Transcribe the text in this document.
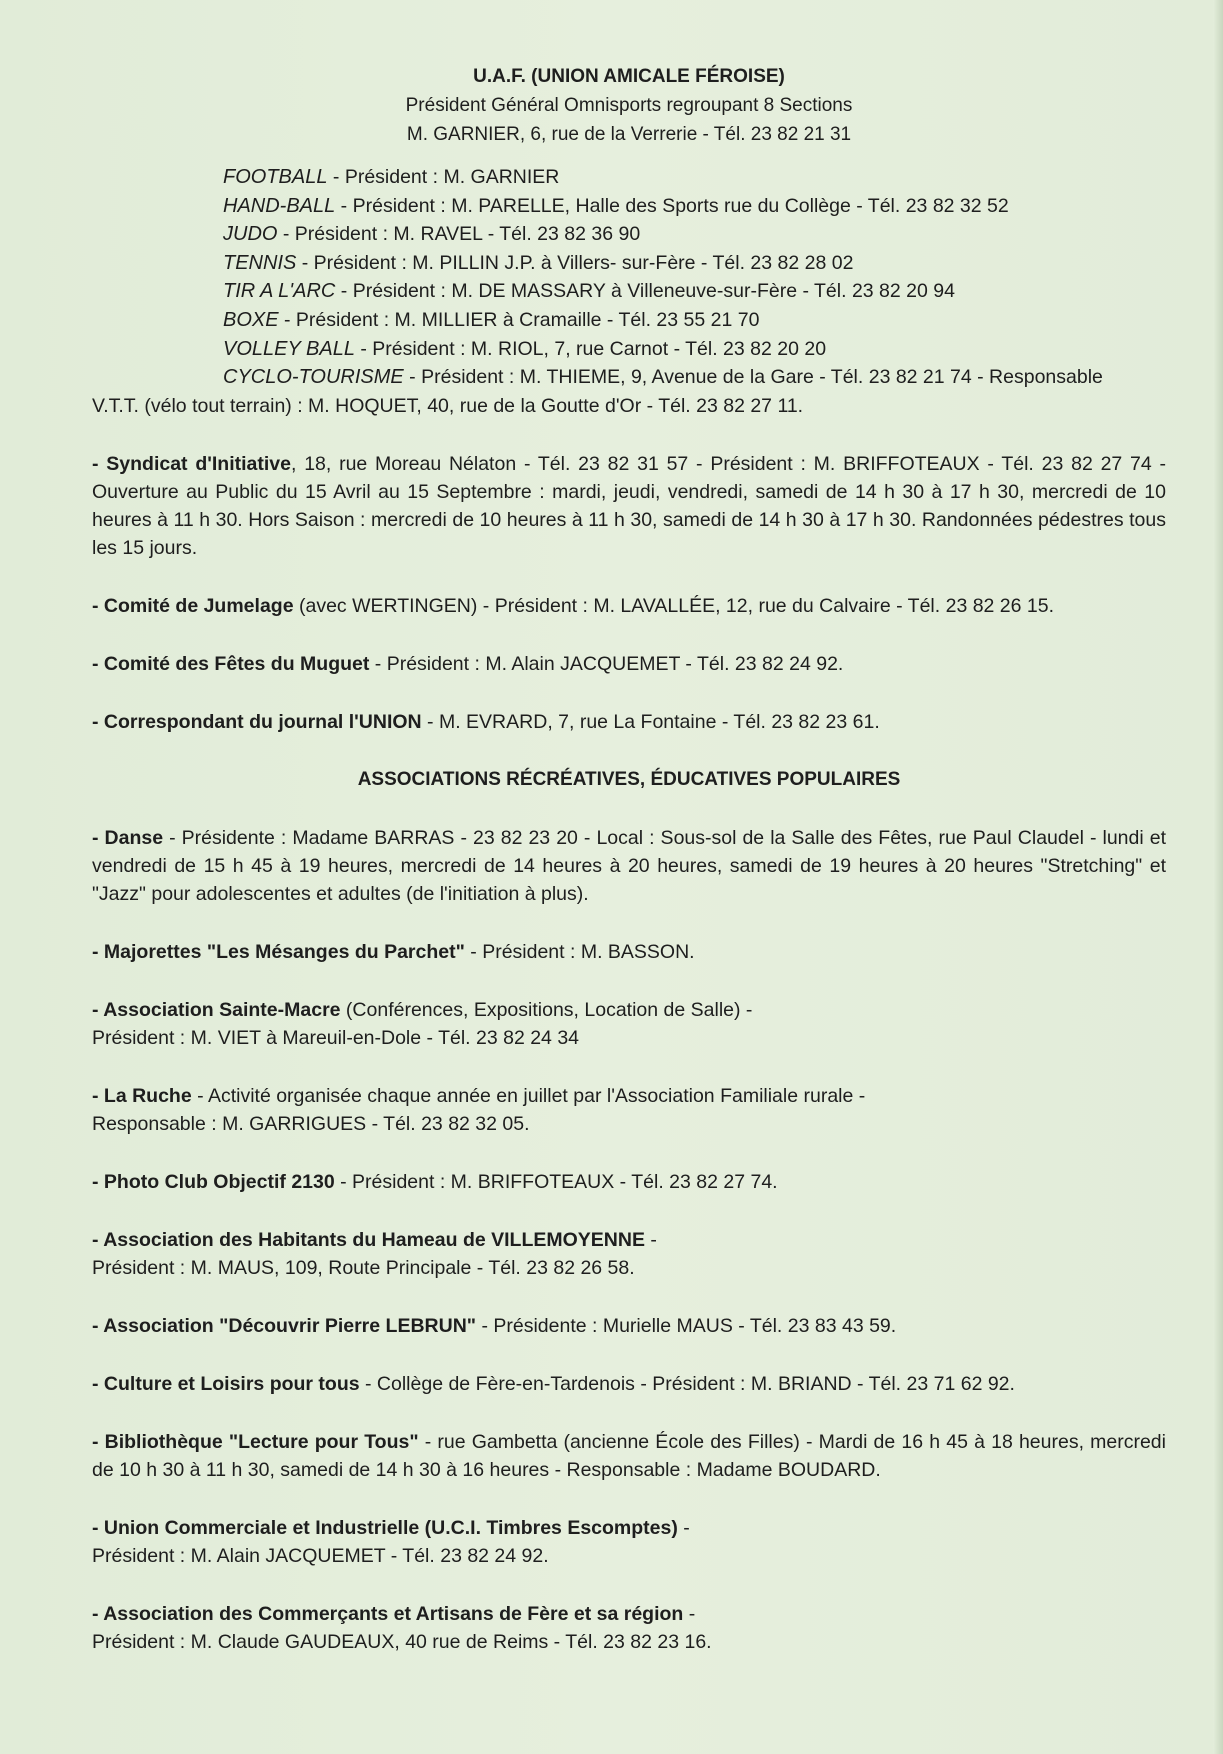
U.A.F. (UNION AMICALE FÉROISE)
Président Général Omnisports regroupant 8 Sections
M. GARNIER, 6, rue de la Verrerie - Tél. 23 82 21 31
FOOTBALL - Président : M. GARNIER
HAND-BALL - Président : M. PARELLE, Halle des Sports rue du Collège - Tél. 23 82 32 52
JUDO - Président : M. RAVEL - Tél. 23 82 36 90
TENNIS - Président : M. PILLIN J.P. à Villers- sur-Fère - Tél. 23 82 28 02
TIR A L'ARC - Président : M. DE MASSARY à Villeneuve-sur-Fère - Tél. 23 82 20 94
BOXE - Président : M. MILLIER à Cramaille - Tél. 23 55 21 70
VOLLEY BALL - Président : M. RIOL, 7, rue Carnot - Tél. 23 82 20 20
CYCLO-TOURISME - Président : M. THIEME, 9, Avenue de la Gare - Tél. 23 82 21 74 - Responsable
V.T.T. (vélo tout terrain) : M. HOQUET, 40, rue de la Goutte d'Or - Tél. 23 82 27 11.

- Syndicat d'Initiative, 18, rue Moreau Nélaton - Tél. 23 82 31 57 - Président : M. BRIFFOTEAUX - Tél. 23 82 27 74 - Ouverture au Public du 15 Avril au 15 Septembre : mardi, jeudi, vendredi, samedi de 14 h 30 à 17 h 30, mercredi de 10 heures à 11 h 30. Hors Saison : mercredi de 10 heures à 11 h 30, samedi de 14 h 30 à 17 h 30. Randonnées pédestres tous les 15 jours.

- Comité de Jumelage (avec WERTINGEN) - Président : M. LAVALLÉE, 12, rue du Calvaire - Tél. 23 82 26 15.

- Comité des Fêtes du Muguet - Président : M. Alain JACQUEMET - Tél. 23 82 24 92.

- Correspondant du journal l'UNION - M. EVRARD, 7, rue La Fontaine - Tél. 23 82 23 61.

ASSOCIATIONS RÉCRÉATIVES, ÉDUCATIVES POPULAIRES

- Danse - Présidente : Madame BARRAS - 23 82 23 20 - Local : Sous-sol de la Salle des Fêtes, rue Paul Claudel - lundi et vendredi de 15 h 45 à 19 heures, mercredi de 14 heures à 20 heures, samedi de 19 heures à 20 heures "Stretching" et "Jazz" pour adolescentes et adultes (de l'initiation à plus).

- Majorettes "Les Mésanges du Parchet" - Président : M. BASSON.

- Association Sainte-Macre (Conférences, Expositions, Location de Salle) -
Président : M. VIET à Mareuil-en-Dole - Tél. 23 82 24 34

- La Ruche - Activité organisée chaque année en juillet par l'Association Familiale rurale -
Responsable : M. GARRIGUES - Tél. 23 82 32 05.

- Photo Club Objectif 2130 - Président : M. BRIFFOTEAUX - Tél. 23 82 27 74.

- Association des Habitants du Hameau de VILLEMOYENNE -
Président : M. MAUS, 109, Route Principale - Tél. 23 82 26 58.

- Association "Découvrir Pierre LEBRUN" - Présidente : Murielle MAUS - Tél. 23 83 43 59.

- Culture et Loisirs pour tous - Collège de Fère-en-Tardenois - Président : M. BRIAND - Tél. 23 71 62 92.

- Bibliothèque "Lecture pour Tous" - rue Gambetta (ancienne École des Filles) - Mardi de 16 h 45 à 18 heures, mercredi de 10 h 30 à 11 h 30, samedi de 14 h 30 à 16 heures - Responsable : Madame BOUDARD.

- Union Commerciale et Industrielle (U.C.I. Timbres Escomptes) -
Président : M. Alain JACQUEMET - Tél. 23 82 24 92.

- Association des Commerçants et Artisans de Fère et sa région -
Président : M. Claude GAUDEAUX, 40 rue de Reims - Tél. 23 82 23 16.
